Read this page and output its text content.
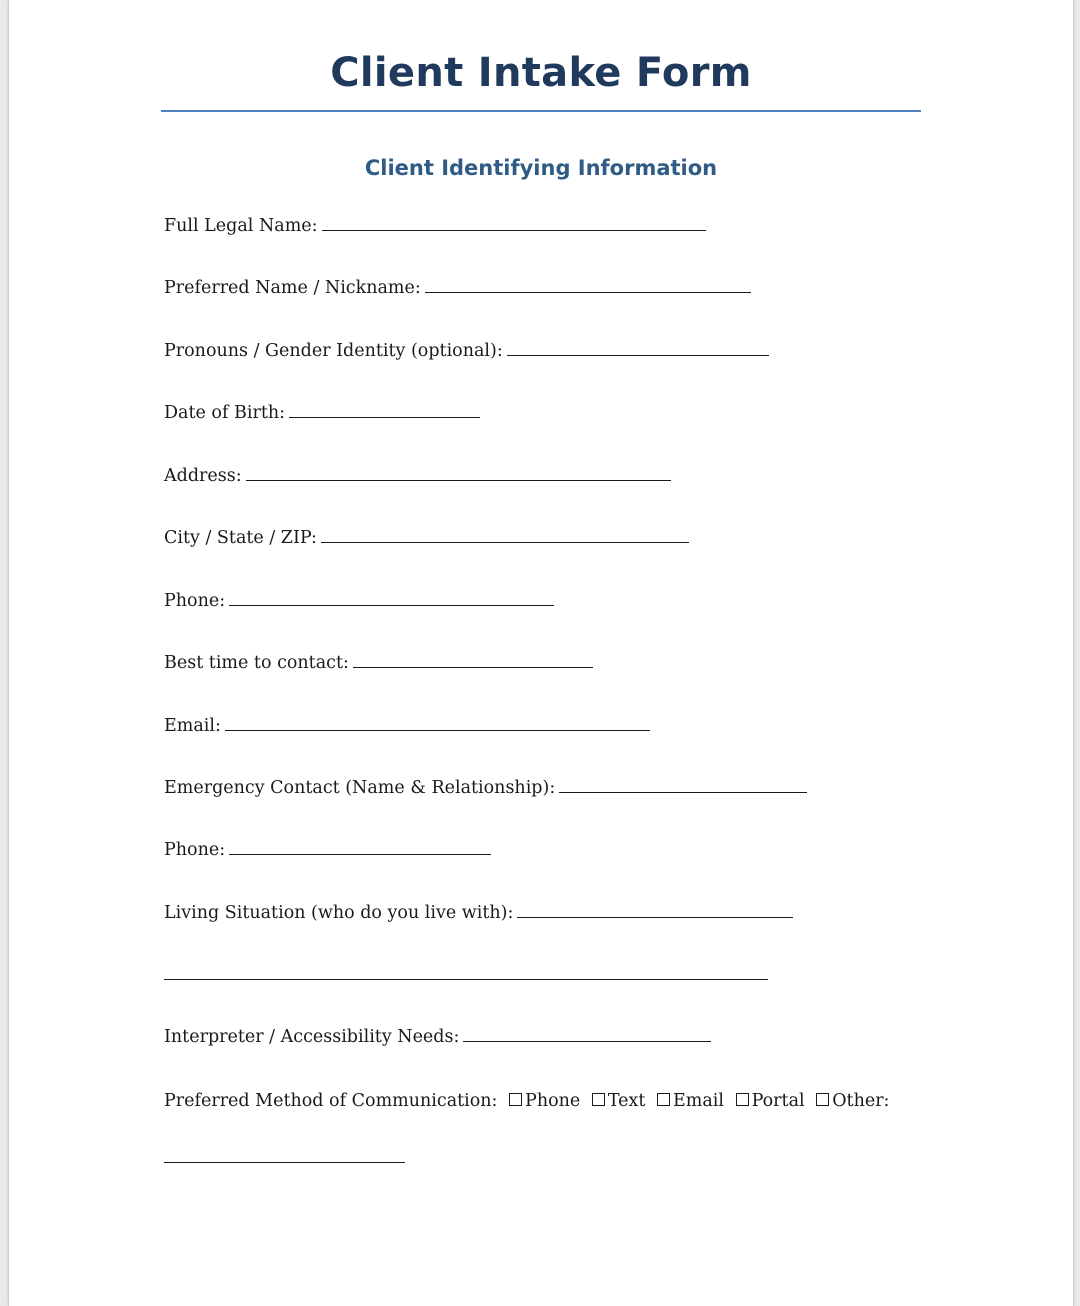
Client Intake Form
Client Identifying Information
Full Legal Name:
Preferred Name / Nickname:
Pronouns / Gender Identity (optional):
Date of Birth:
Address:
City / State / ZIP:
Phone:
Best time to contact:
Email:
Emergency Contact (Name & Relationship):
Phone:
Living Situation (who do you live with):
Interpreter / Accessibility Needs:
Preferred Method of Communication: Phone Text Email Portal Other:
